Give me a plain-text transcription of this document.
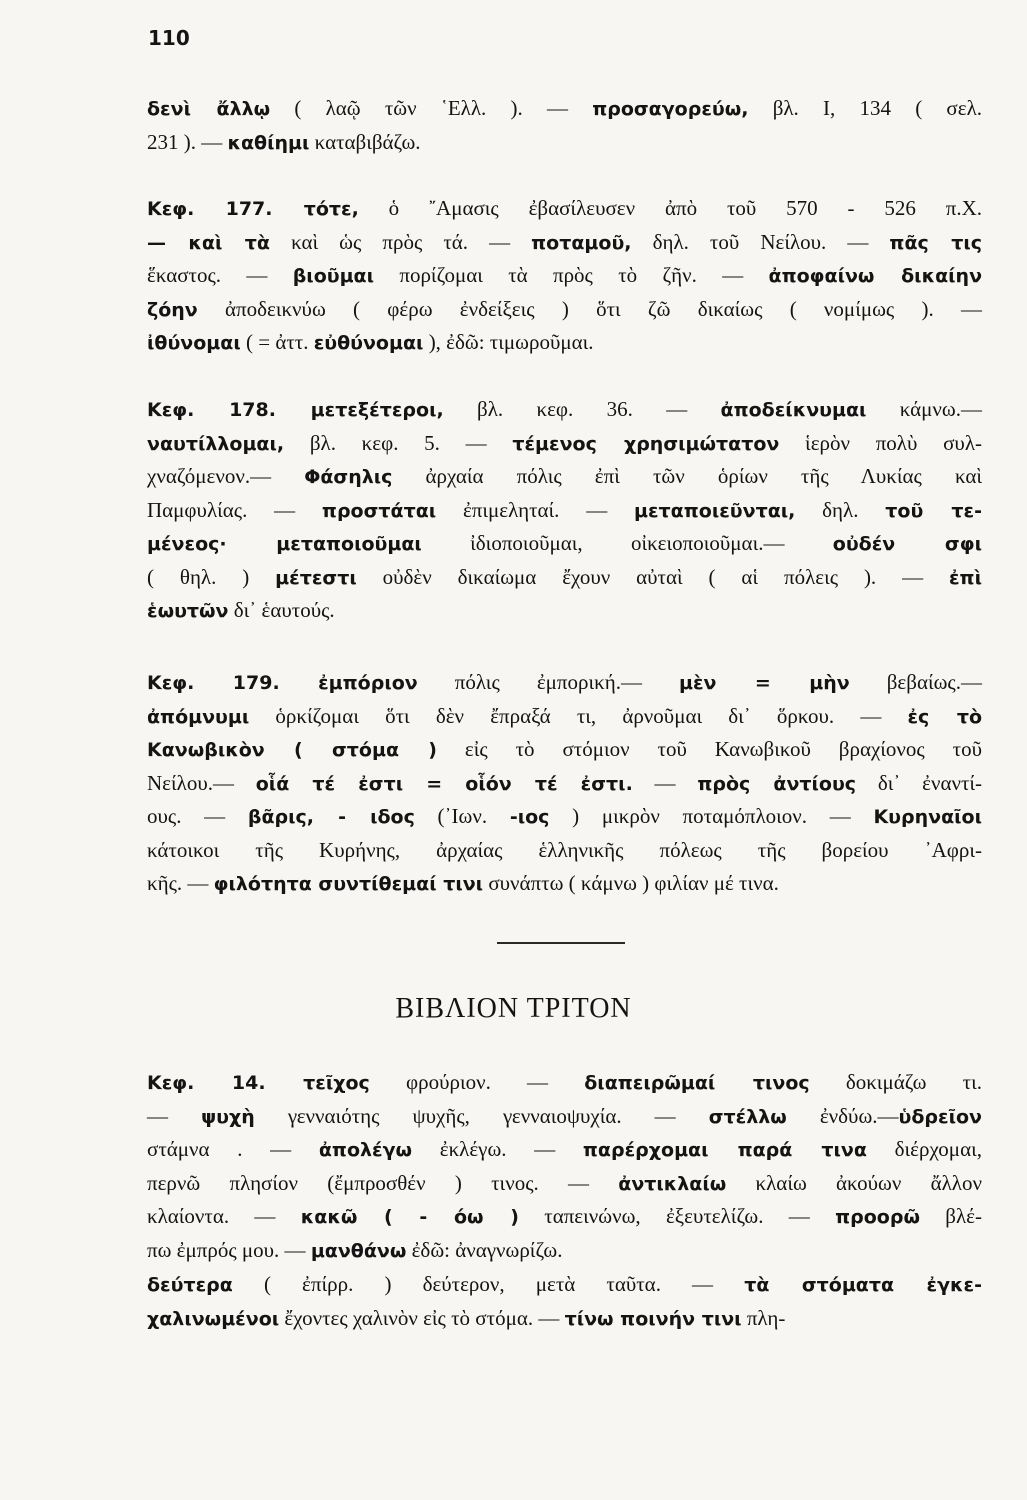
110
δενὶ ἄλλῳ ( λαῷ τῶν ῾Ελλ. ). — προσαγορεύω, βλ. I, 134 ( σελ.
231 ). — καθίημι καταβιβάζω.
Κεφ. 177. τότε, ὁ ῎Αμασις ἐβασίλευσεν ἀπὸ τοῦ 570 - 526 π.Χ.
— καὶ τὰ καὶ ὡς πρὸς τά. — ποταμοῦ, δηλ. τοῦ Νείλου. — πᾶς τις
ἕκαστος. — βιοῦμαι πορίζομαι τὰ πρὸς τὸ ζῆν. — ἀποφαίνω δικαίην
ζόην ἀποδεικνύω ( φέρω ἐνδείξεις ) ὅτι ζῶ δικαίως ( νομίμως ). —
ἰθύνομαι ( = ἀττ. εὐθύνομαι ), ἐδῶ: τιμωροῦμαι.
Κεφ. 178. μετεξέτεροι, βλ. κεφ. 36. — ἀποδείκνυμαι κάμνω.—
ναυτίλλομαι, βλ. κεφ. 5. — τέμενος χρησιμώτατον ἱερὸν πολὺ συλ-
χναζόμενον.— Φάσηλις ἀρχαία πόλις ἐπὶ τῶν ὁρίων τῆς Λυκίας καὶ
Παμφυλίας. — προστάται ἐπιμεληταί. — μεταποιεῦνται, δηλ. τοῦ τε-
μένεος· μεταποιοῦμαι ἰδιοποιοῦμαι, οἰκειοποιοῦμαι.— οὐδέν σφι
( θηλ. ) μέτεστι οὐδὲν δικαίωμα ἔχουν αὐταὶ ( αἱ πόλεις ). — ἐπὶ
ἑωυτῶν δι᾿ ἑαυτούς.
Κεφ. 179. ἐμπόριον πόλις ἐμπορική.— μὲν = μὴν βεβαίως.—
ἀπόμνυμι ὁρκίζομαι ὅτι δὲν ἔπραξά τι, ἀρνοῦμαι δι᾿ ὅρκου. — ἐς τὸ
Κανωβικὸν ( στόμα ) εἰς τὸ στόμιον τοῦ Κανωβικοῦ βραχίονος τοῦ
Νείλου.— οἷά τέ ἐστι = οἷόν τέ ἐστι. — πρὸς ἀντίους δι᾿ ἐναντί-
ους. — βᾶρις, - ιδος (᾿Ιων. -ιος ) μικρὸν ποταμόπλοιον. — Κυρηναῖοι
κάτοικοι τῆς Κυρήνης, ἀρχαίας ἑλληνικῆς πόλεως τῆς βορείου ᾿Αφρι-
κῆς. — φιλότητα συντίθεμαί τινι συνάπτω ( κάμνω ) φιλίαν μέ τινα.
ΒΙΒΛΙΟΝ ΤΡΙΤΟΝ
Κεφ. 14. τεῖχος φρούριον. — διαπειρῶμαί τινος δοκιμάζω τι.
— ψυχὴ γενναιότης ψυχῆς, γενναιοψυχία. — στέλλω ἐνδύω.—ὑδρεῖον
στάμνα . — ἀπολέγω ἐκλέγω. — παρέρχομαι παρά τινα διέρχομαι,
περνῶ πλησίον (ἔμπροσθέν ) τινος. — ἀντικλαίω κλαίω ἀκούων ἄλλον
κλαίοντα. — κακῶ ( - όω ) ταπεινώνω, ἐξευτελίζω. — προορῶ βλέ-
πω ἐμπρός μου. — μανθάνω ἐδῶ: ἀναγνωρίζω.
δεύτερα ( ἐπίρρ. ) δεύτερον, μετὰ ταῦτα. — τὰ στόματα ἐγκε-
χαλινωμένοι ἔχοντες χαλινὸν εἰς τὸ στόμα. — τίνω ποινήν τινι πλη-
